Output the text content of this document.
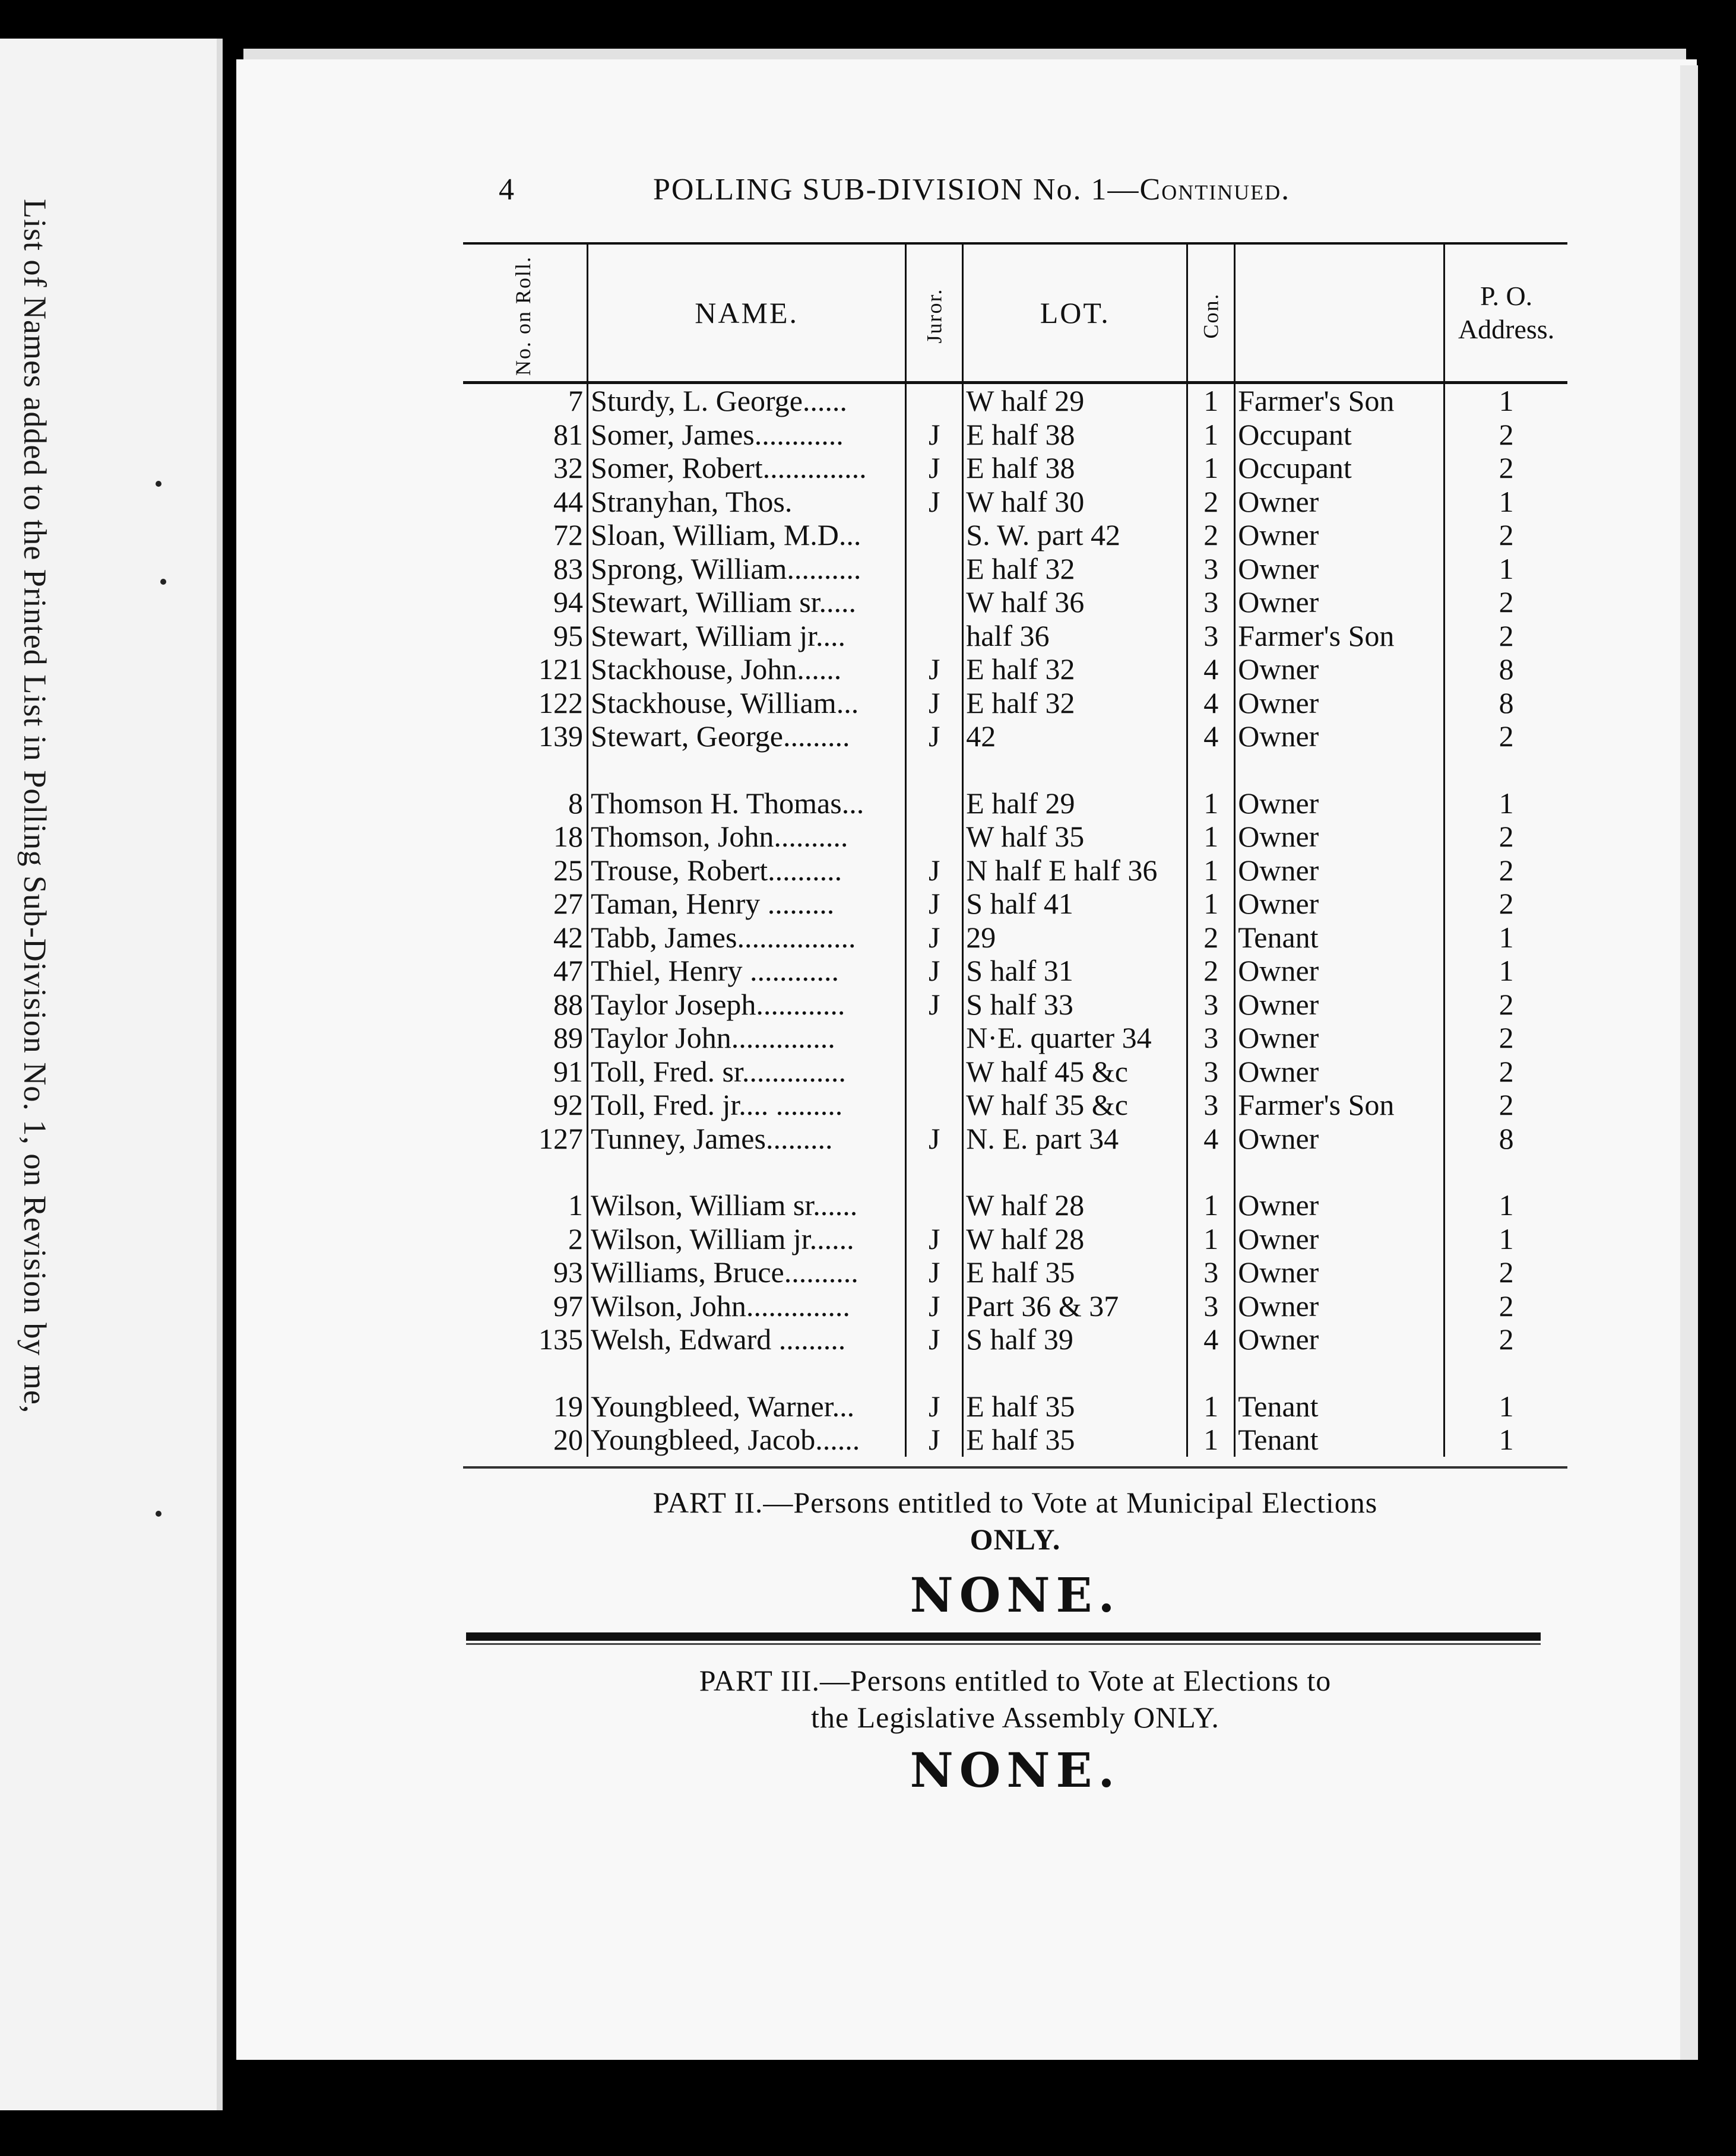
List of Names added to the Printed List in Polling Sub-Division No. 1, on Revision by me,
4	POLLING SUB-DIVISION No. 1—Continued.
No. on Roll.	NAME.	Juror.	LOT.	Con.		P. O.
Address.
7	Sturdy, L. George......		W half 29	1	Farmer's Son	1
81	Somer, James............	J	E half 38	1	Occupant	2
32	Somer, Robert..............	J	E half 38	1	Occupant	2
44	Stranyhan, Thos.	J	W half 30	2	Owner	1
72	Sloan, William, M.D...		S. W. part 42	2	Owner	2
83	Sprong, William..........		E half 32	3	Owner	1
94	Stewart, William sr.....		W half 36	3	Owner	2
95	Stewart, William jr....		half 36	3	Farmer's Son	2
121	Stackhouse, John......	J	E half 32	4	Owner	8
122	Stackhouse, William...	J	E half 32	4	Owner	8
139	Stewart, George.........	J	42	4	Owner	2

8	Thomson H. Thomas...		E half 29	1	Owner	1
18	Thomson, John..........		W half 35	1	Owner	2
25	Trouse, Robert..........	J	N half E half 36	1	Owner	2
27	Taman, Henry .........	J	S half 41	1	Owner	2
42	Tabb, James................	J	29	2	Tenant	1
47	Thiel, Henry ............	J	S half 31	2	Owner	1
88	Taylor Joseph............	J	S half 33	3	Owner	2
89	Taylor John..............		N·E. quarter 34	3	Owner	2
91	Toll, Fred. sr..............		W half 45 &c	3	Owner	2
92	Toll, Fred. jr.... .........		W half 35 &c	3	Farmer's Son	2
127	Tunney, James.........	J	N. E. part 34	4	Owner	8

1	Wilson, William sr......		W half 28	1	Owner	1
2	Wilson, William jr......	J	W half 28	1	Owner	1
93	Williams, Bruce..........	J	E half 35	3	Owner	2
97	Wilson, John..............	J	Part 36 & 37	3	Owner	2
135	Welsh, Edward .........	J	S half 39	4	Owner	2

19	Youngbleed, Warner...	J	E half 35	1	Tenant	1
20	Youngbleed, Jacob......	J	E half 35	1	Tenant	1
PART II.—Persons entitled to Vote at Municipal Elections
ONLY.
NONE.
PART III.—Persons entitled to Vote at Elections to
the Legislative Assembly ONLY.
NONE.
